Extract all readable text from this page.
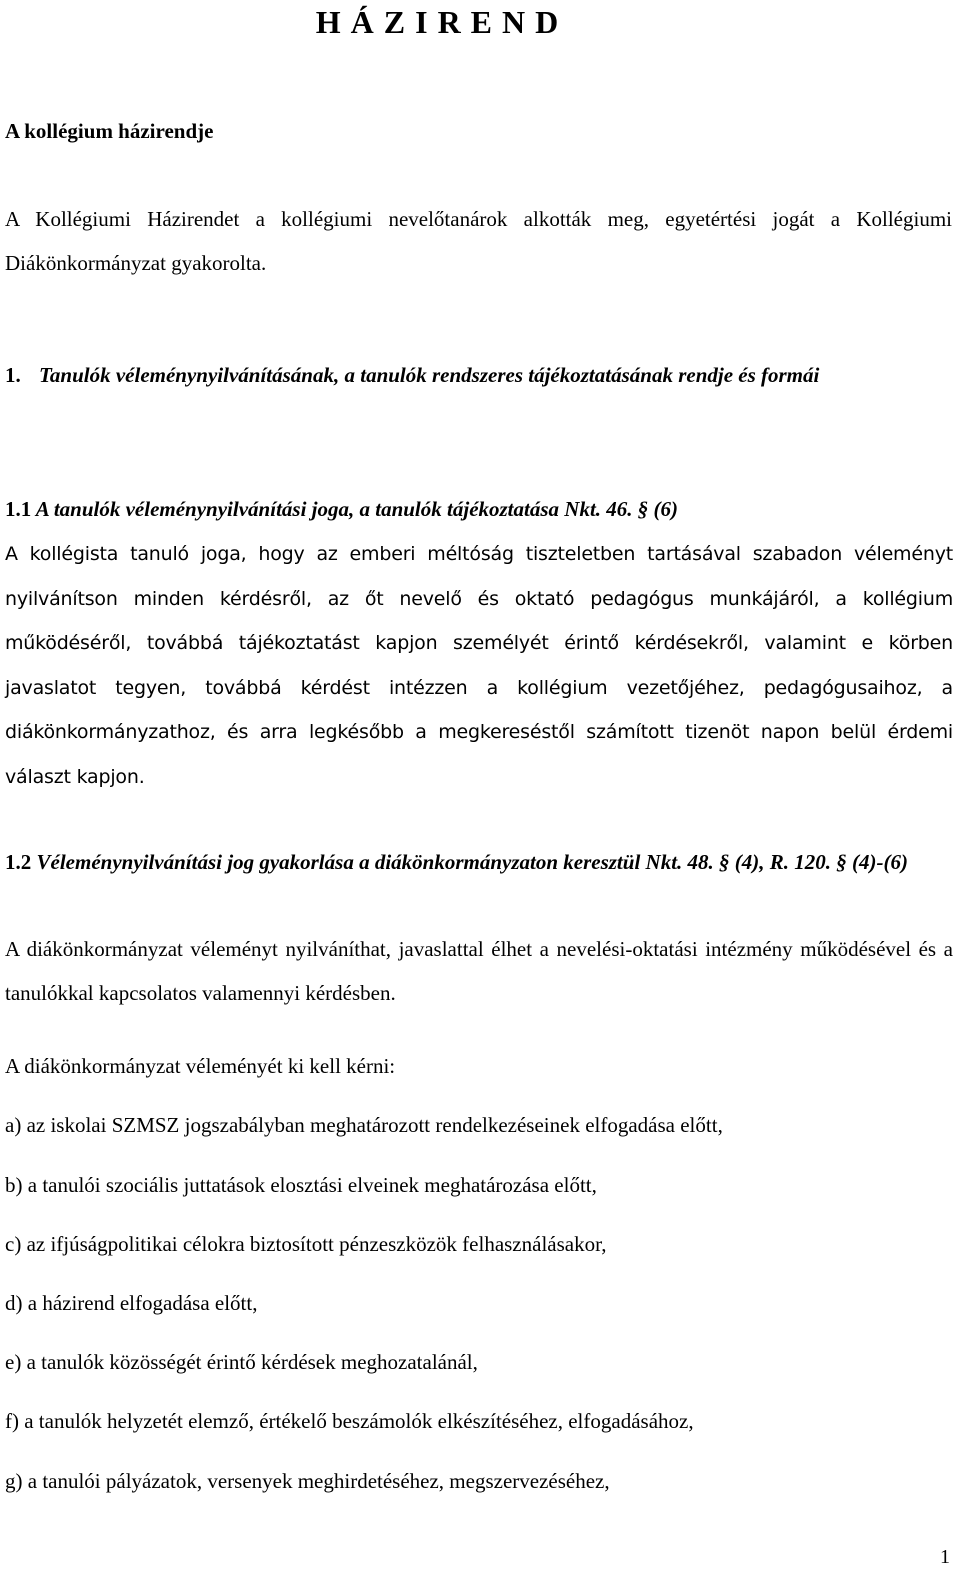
H Á Z I R E N D
A kollégium házirendje

A Kollégiumi Házirendet a kollégiumi nevelőtanárok alkották meg, egyetértési jogát a Kollégiumi Diákönkormányzat gyakorolta.

1. Tanulók véleménynyilvánításának, a tanulók rendszeres tájékoztatásának rendje és formái
1.1 A tanulók véleménynyilvánítási joga, a tanulók tájékoztatása Nkt. 46. § (6)

A kollégista tanuló joga, hogy az emberi méltóság tiszteletben tartásával szabadon véleményt nyilvánítson minden kérdésről, az őt nevelő és oktató pedagógus munkájáról, a kollégium működéséről, továbbá tájékoztatást kapjon személyét érintő kérdésekről, valamint e körben javaslatot tegyen, továbbá kérdést intézzen a kollégium vezetőjéhez, pedagógusaihoz, a diákönkormányzathoz, és arra legkésőbb a megkereséstől számított tizenöt napon belül érdemi választ kapjon.

1.2 Véleménynyilvánítási jog gyakorlása a diákönkormányzaton keresztül Nkt. 48. § (4), R. 120. § (4)-(6)

A diákönkormányzat véleményt nyilváníthat, javaslattal élhet a nevelési-oktatási intézmény működésével és a tanulókkal kapcsolatos valamennyi kérdésben.

A diákönkormányzat véleményét ki kell kérni:
a) az iskolai SZMSZ jogszabályban meghatározott rendelkezéseinek elfogadása előtt,
b) a tanulói szociális juttatások elosztási elveinek meghatározása előtt,
c) az ifjúságpolitikai célokra biztosított pénzeszközök felhasználásakor,
d) a házirend elfogadása előtt,
e) a tanulók közösségét érintő kérdések meghozatalánál,
f) a tanulók helyzetét elemző, értékelő beszámolók elkészítéséhez, elfogadásához,
g) a tanulói pályázatok, versenyek meghirdetéséhez, megszervezéséhez,
1
